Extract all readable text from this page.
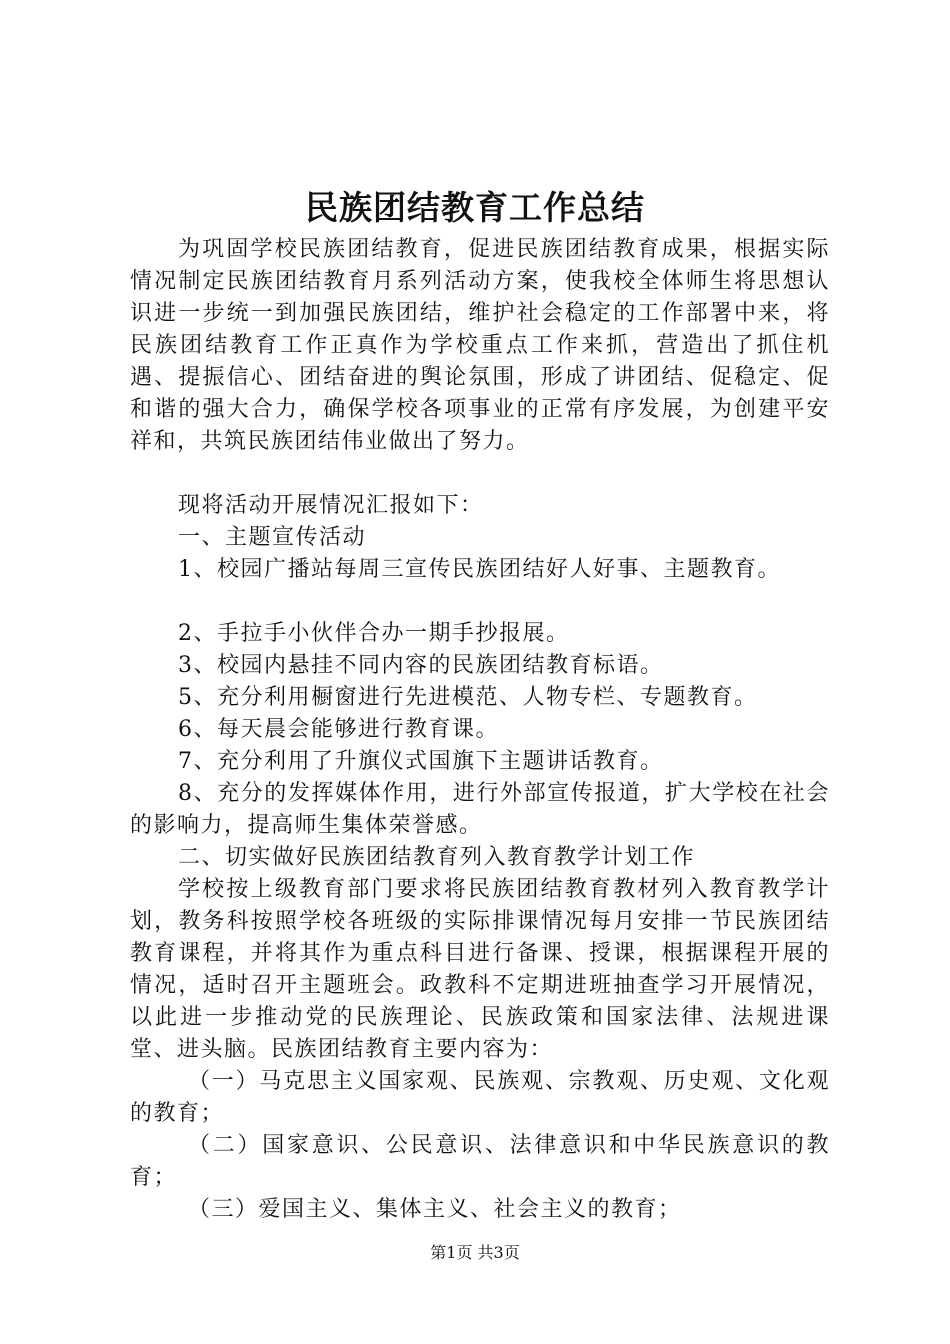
民族团结教育工作总结

为巩固学校民族团结教育，促进民族团结教育成果，根据实际情况制定民族团结教育月系列活动方案，使我校全体师生将思想认识进一步统一到加强民族团结，维护社会稳定的工作部署中来，将民族团结教育工作正真作为学校重点工作来抓，营造出了抓住机遇、提振信心、团结奋进的舆论氛围，形成了讲团结、促稳定、促和谐的强大合力，确保学校各项事业的正常有序发展，为创建平安祥和，共筑民族团结伟业做出了努力。

现将活动开展情况汇报如下：

一、主题宣传活动

1、校园广播站每周三宣传民族团结好人好事、主题教育。

2、手拉手小伙伴合办一期手抄报展。

3、校园内悬挂不同内容的民族团结教育标语。

5、充分利用橱窗进行先进模范、人物专栏、专题教育。

6、每天晨会能够进行教育课。

7、充分利用了升旗仪式国旗下主题讲话教育。

8、充分的发挥媒体作用，进行外部宣传报道，扩大学校在社会的影响力，提高师生集体荣誉感。

二、切实做好民族团结教育列入教育教学计划工作

学校按上级教育部门要求将民族团结教育教材列入教育教学计划，教务科按照学校各班级的实际排课情况每月安排一节民族团结教育课程，并将其作为重点科目进行备课、授课，根据课程开展的情况，适时召开主题班会。政教科不定期进班抽查学习开展情况，以此进一步推动党的民族理论、民族政策和国家法律、法规进课堂、进头脑。民族团结教育主要内容为：

（一）马克思主义国家观、民族观、宗教观、历史观、文化观的教育；

（二）国家意识、公民意识、法律意识和中华民族意识的教育；

（三）爱国主义、集体主义、社会主义的教育；

第1页 共3页
